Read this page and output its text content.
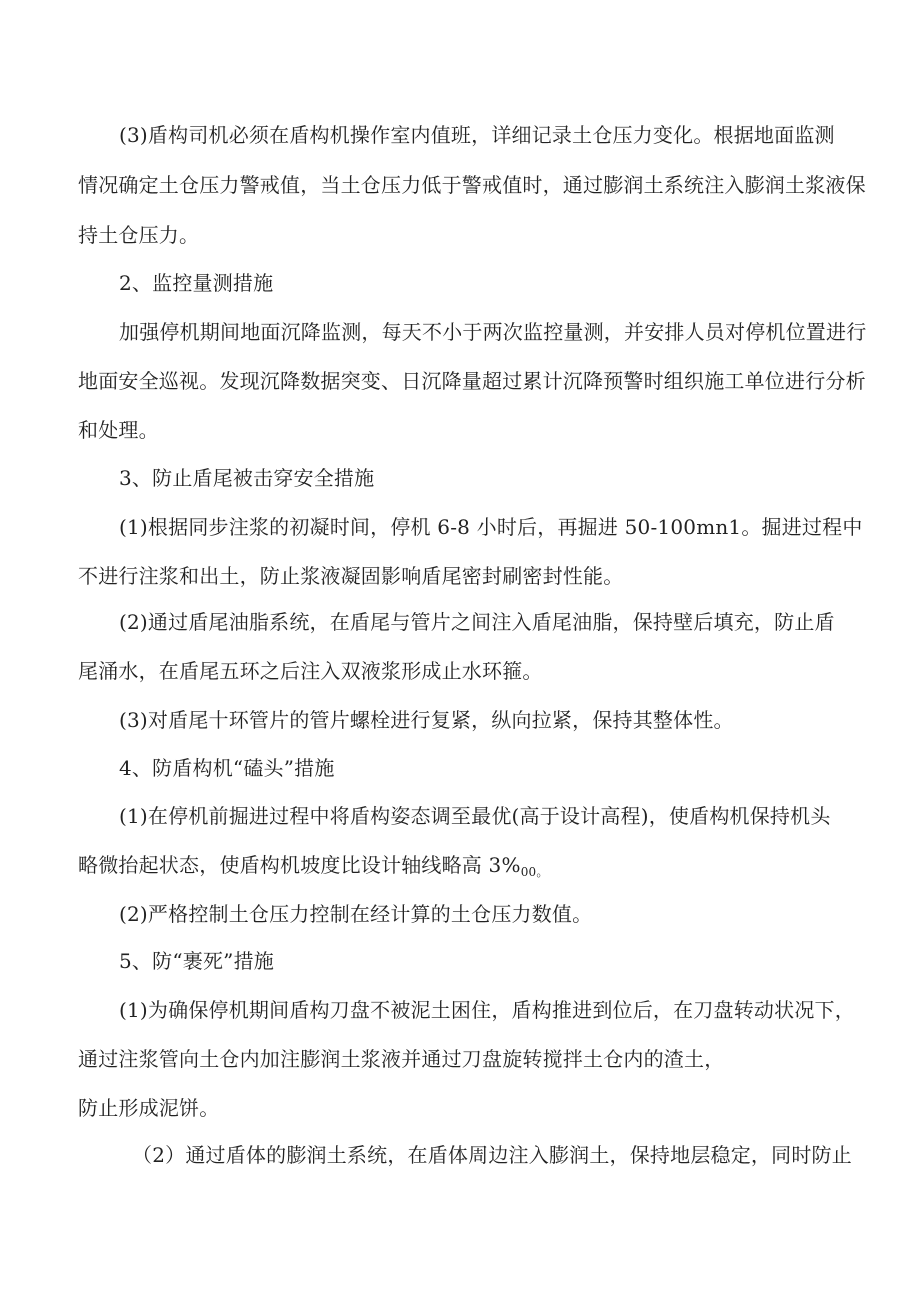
(3)盾构司机必须在盾构机操作室内值班，详细记录土仓压力变化。根据地面监测
情况确定土仓压力警戒值，当土仓压力低于警戒值时，通过膨润土系统注入膨润土浆液保
持土仓压力。
2、监控量测措施
加强停机期间地面沉降监测，每天不小于两次监控量测，并安排人员对停机位置进行
地面安全巡视。发现沉降数据突变、日沉降量超过累计沉降预警时组织施工单位进行分析
和处理。
3、防止盾尾被击穿安全措施
(1)根据同步注浆的初凝时间，停机 6-8 小时后，再掘进 50-100mn1。掘进过程中
不进行注浆和出土，防止浆液凝固影响盾尾密封刷密封性能。
(2)通过盾尾油脂系统，在盾尾与管片之间注入盾尾油脂，保持壁后填充，防止盾
尾涌水，在盾尾五环之后注入双液浆形成止水环箍。
(3)对盾尾十环管片的管片螺栓进行复紧，纵向拉紧，保持其整体性。
4、防盾构机“磕头”措施
(1)在停机前掘进过程中将盾构姿态调至最优(高于设计高程)，使盾构机保持机头
略微抬起状态，使盾构机坡度比设计轴线略高 $3\%_{00。}$
(2)严格控制土仓压力控制在经计算的土仓压力数值。
5、防“裹死”措施
(1)为确保停机期间盾构刀盘不被泥土困住，盾构推进到位后，在刀盘转动状况下，
通过注浆管向土仓内加注膨润土浆液并通过刀盘旋转搅拌土仓内的渣土，
防止形成泥饼。
（2）通过盾体的膨润土系统，在盾体周边注入膨润土，保持地层稳定，同时防止
